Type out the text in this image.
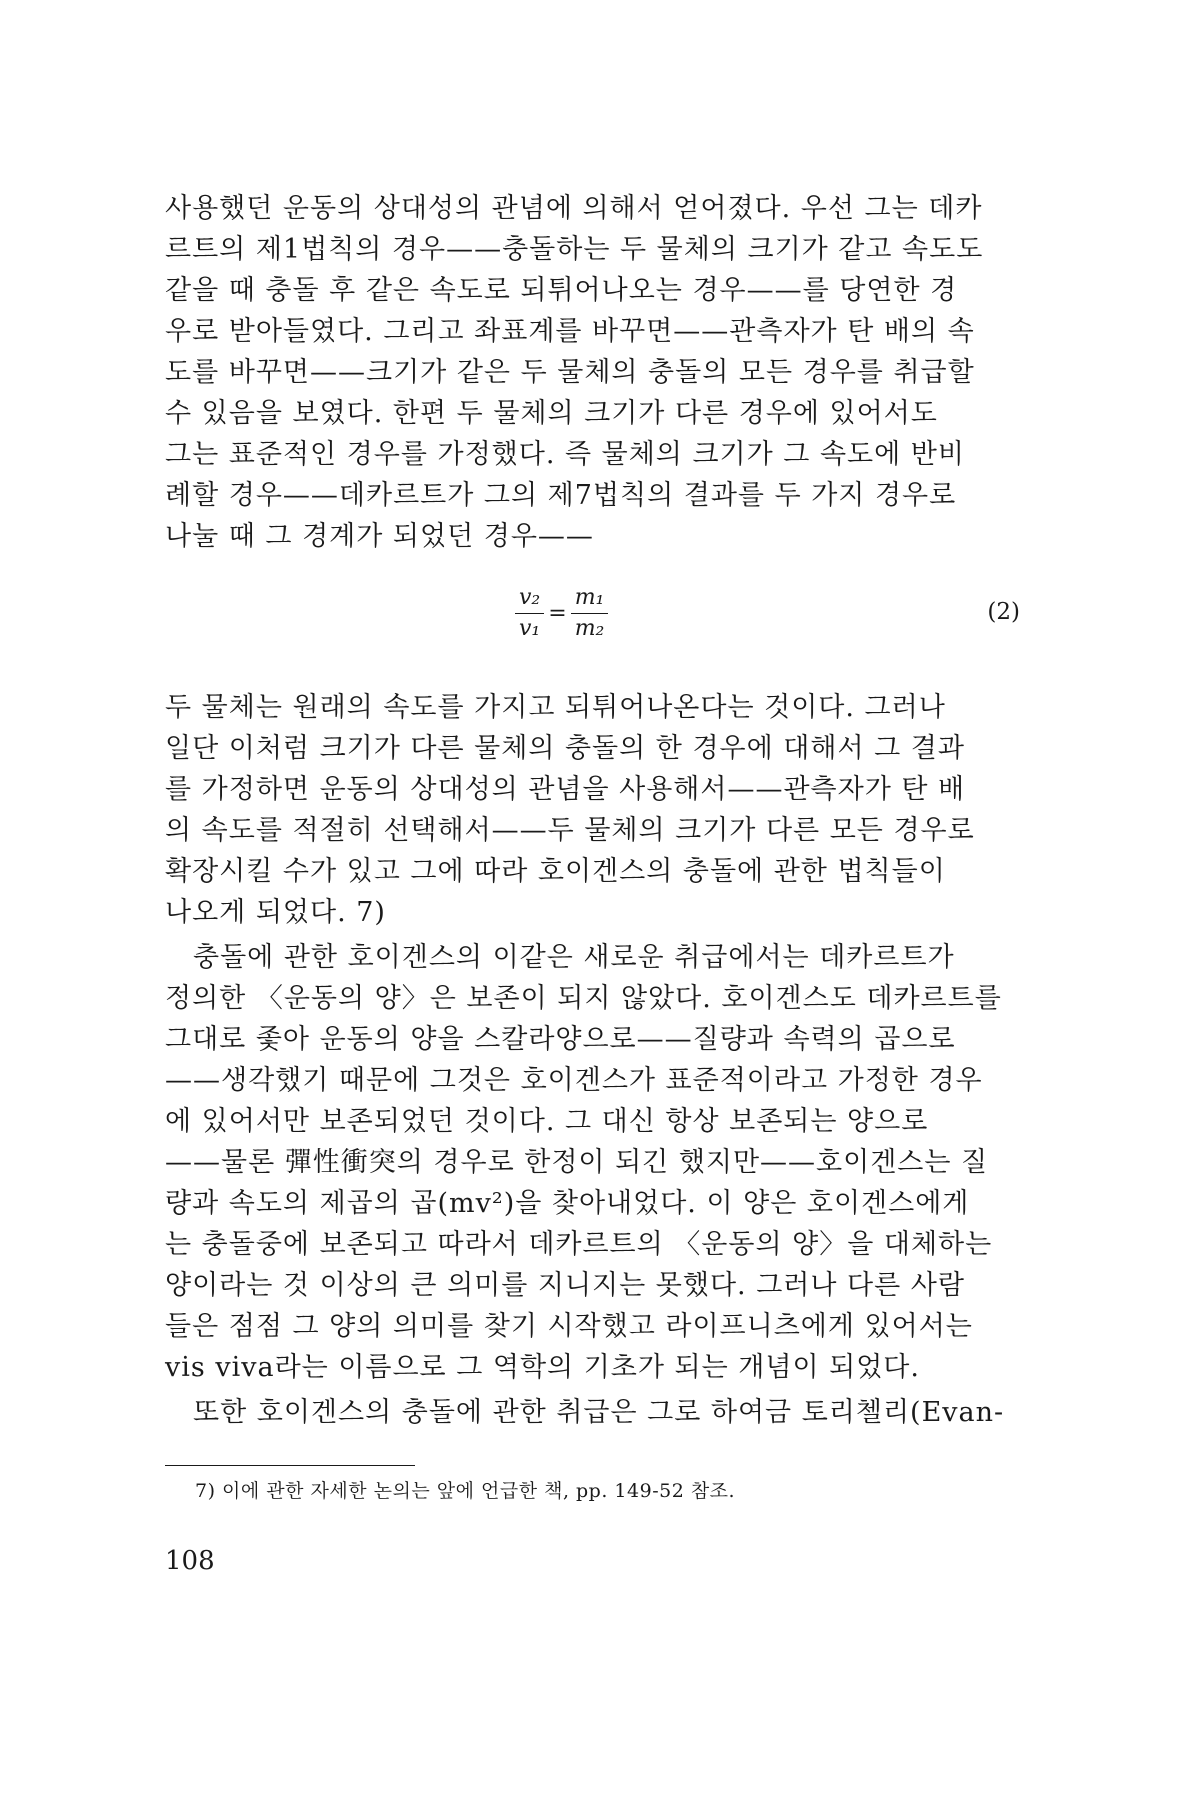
사용했던 운동의 상대성의 관념에 의해서 얻어졌다. 우선 그는 데카

르트의 제1법칙의 경우——충돌하는 두 물체의 크기가 같고 속도도

같을 때 충돌 후 같은 속도로 되튀어나오는 경우——를 당연한 경

우로 받아들였다. 그리고 좌표계를 바꾸면——관측자가 탄 배의 속

도를 바꾸면——크기가 같은 두 물체의 충돌의 모든 경우를 취급할

수 있음을 보였다. 한편 두 물체의 크기가 다른 경우에 있어서도

그는 표준적인 경우를 가정했다. 즉 물체의 크기가 그 속도에 반비

례할 경우——데카르트가 그의 제7법칙의 결과를 두 가지 경우로

나눌 때 그 경계가 되었던 경우——

$\frac{\text{v₂}}{\text{v₁}} = \frac{\text{m₁}}{\text{m₂}}$	(2)

두 물체는 원래의 속도를 가지고 되튀어나온다는 것이다. 그러나

일단 이처럼 크기가 다른 물체의 충돌의 한 경우에 대해서 그 결과

를 가정하면 운동의 상대성의 관념을 사용해서——관측자가 탄 배

의 속도를 적절히 선택해서——두 물체의 크기가 다른 모든 경우로

확장시킬 수가 있고 그에 따라 호이겐스의 충돌에 관한 법칙들이

나오게 되었다. 7)

충돌에 관한 호이겐스의 이같은 새로운 취급에서는 데카르트가

정의한 〈운동의 양〉은 보존이 되지 않았다. 호이겐스도 데카르트를

그대로 좇아 운동의 양을 스칼라양으로——질량과 속력의 곱으로

——생각했기 때문에 그것은 호이겐스가 표준적이라고 가정한 경우

에 있어서만 보존되었던 것이다. 그 대신 항상 보존되는 양으로

——물론 彈性衝突의 경우로 한정이 되긴 했지만——호이겐스는 질

량과 속도의 제곱의 곱(mv²)을 찾아내었다. 이 양은 호이겐스에게

는 충돌중에 보존되고 따라서 데카르트의 〈운동의 양〉을 대체하는

양이라는 것 이상의 큰 의미를 지니지는 못했다. 그러나 다른 사람

들은 점점 그 양의 의미를 찾기 시작했고 라이프니츠에게 있어서는

vis viva라는 이름으로 그 역학의 기초가 되는 개념이 되었다.

또한 호이겐스의 충돌에 관한 취급은 그로 하여금 토리첼리(Evan-

7) 이에 관한 자세한 논의는 앞에 언급한 책, pp. 149-52 참조.
108
